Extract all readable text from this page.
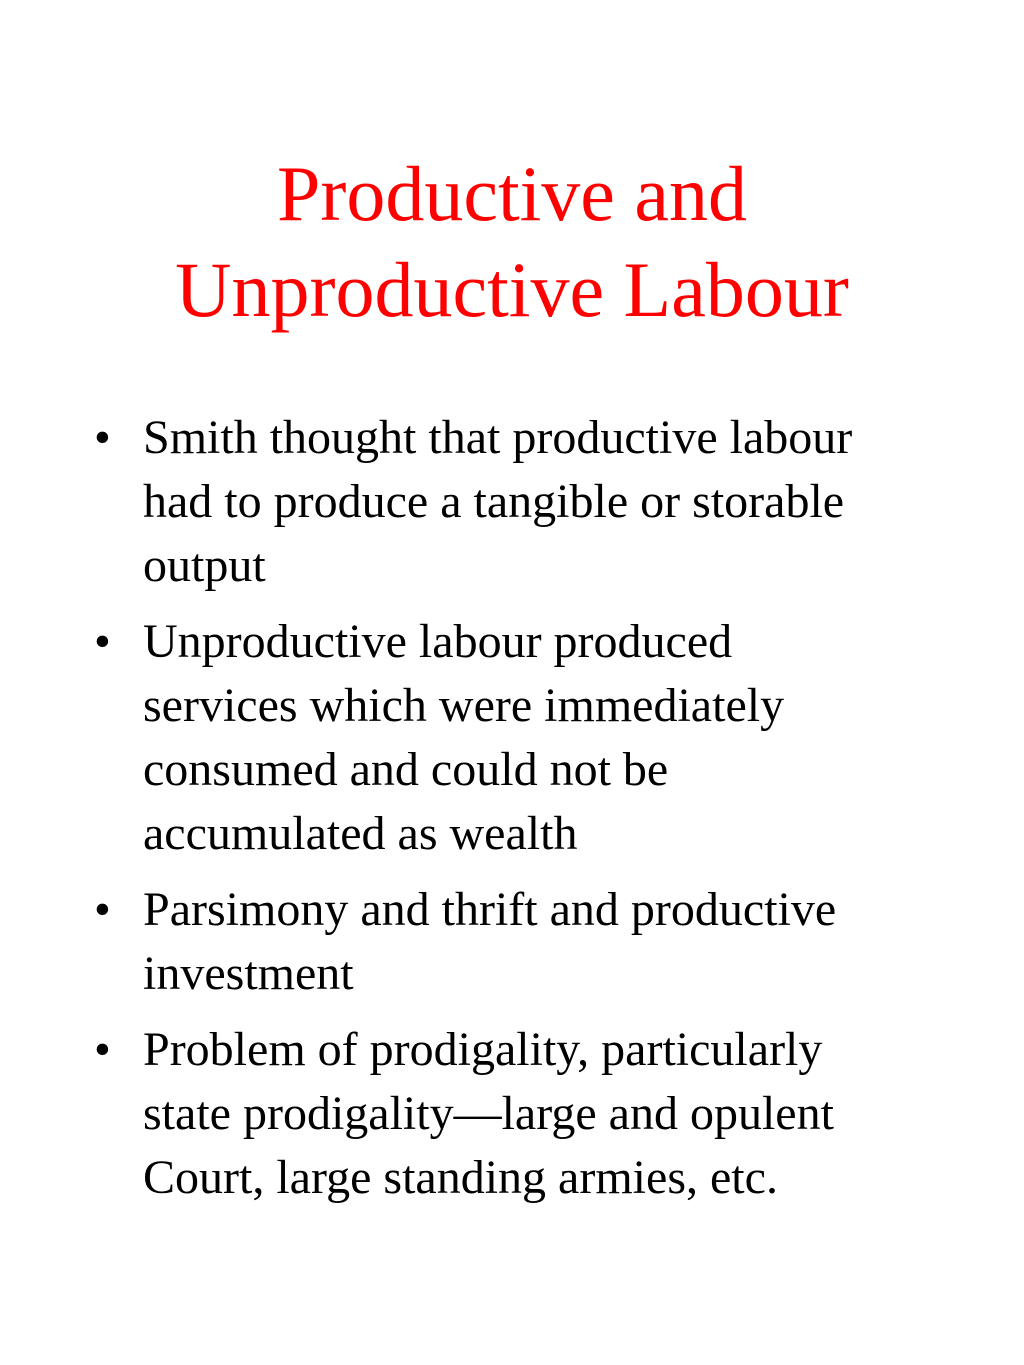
Productive and
Unproductive Labour
• Smith thought that productive labour
had to produce a tangible or storable
output
• Unproductive labour produced
services which were immediately
consumed and could not be
accumulated as wealth
• Parsimony and thrift and productive
investment
• Problem of prodigality, particularly
state prodigality—large and opulent
Court, large standing armies, etc.
